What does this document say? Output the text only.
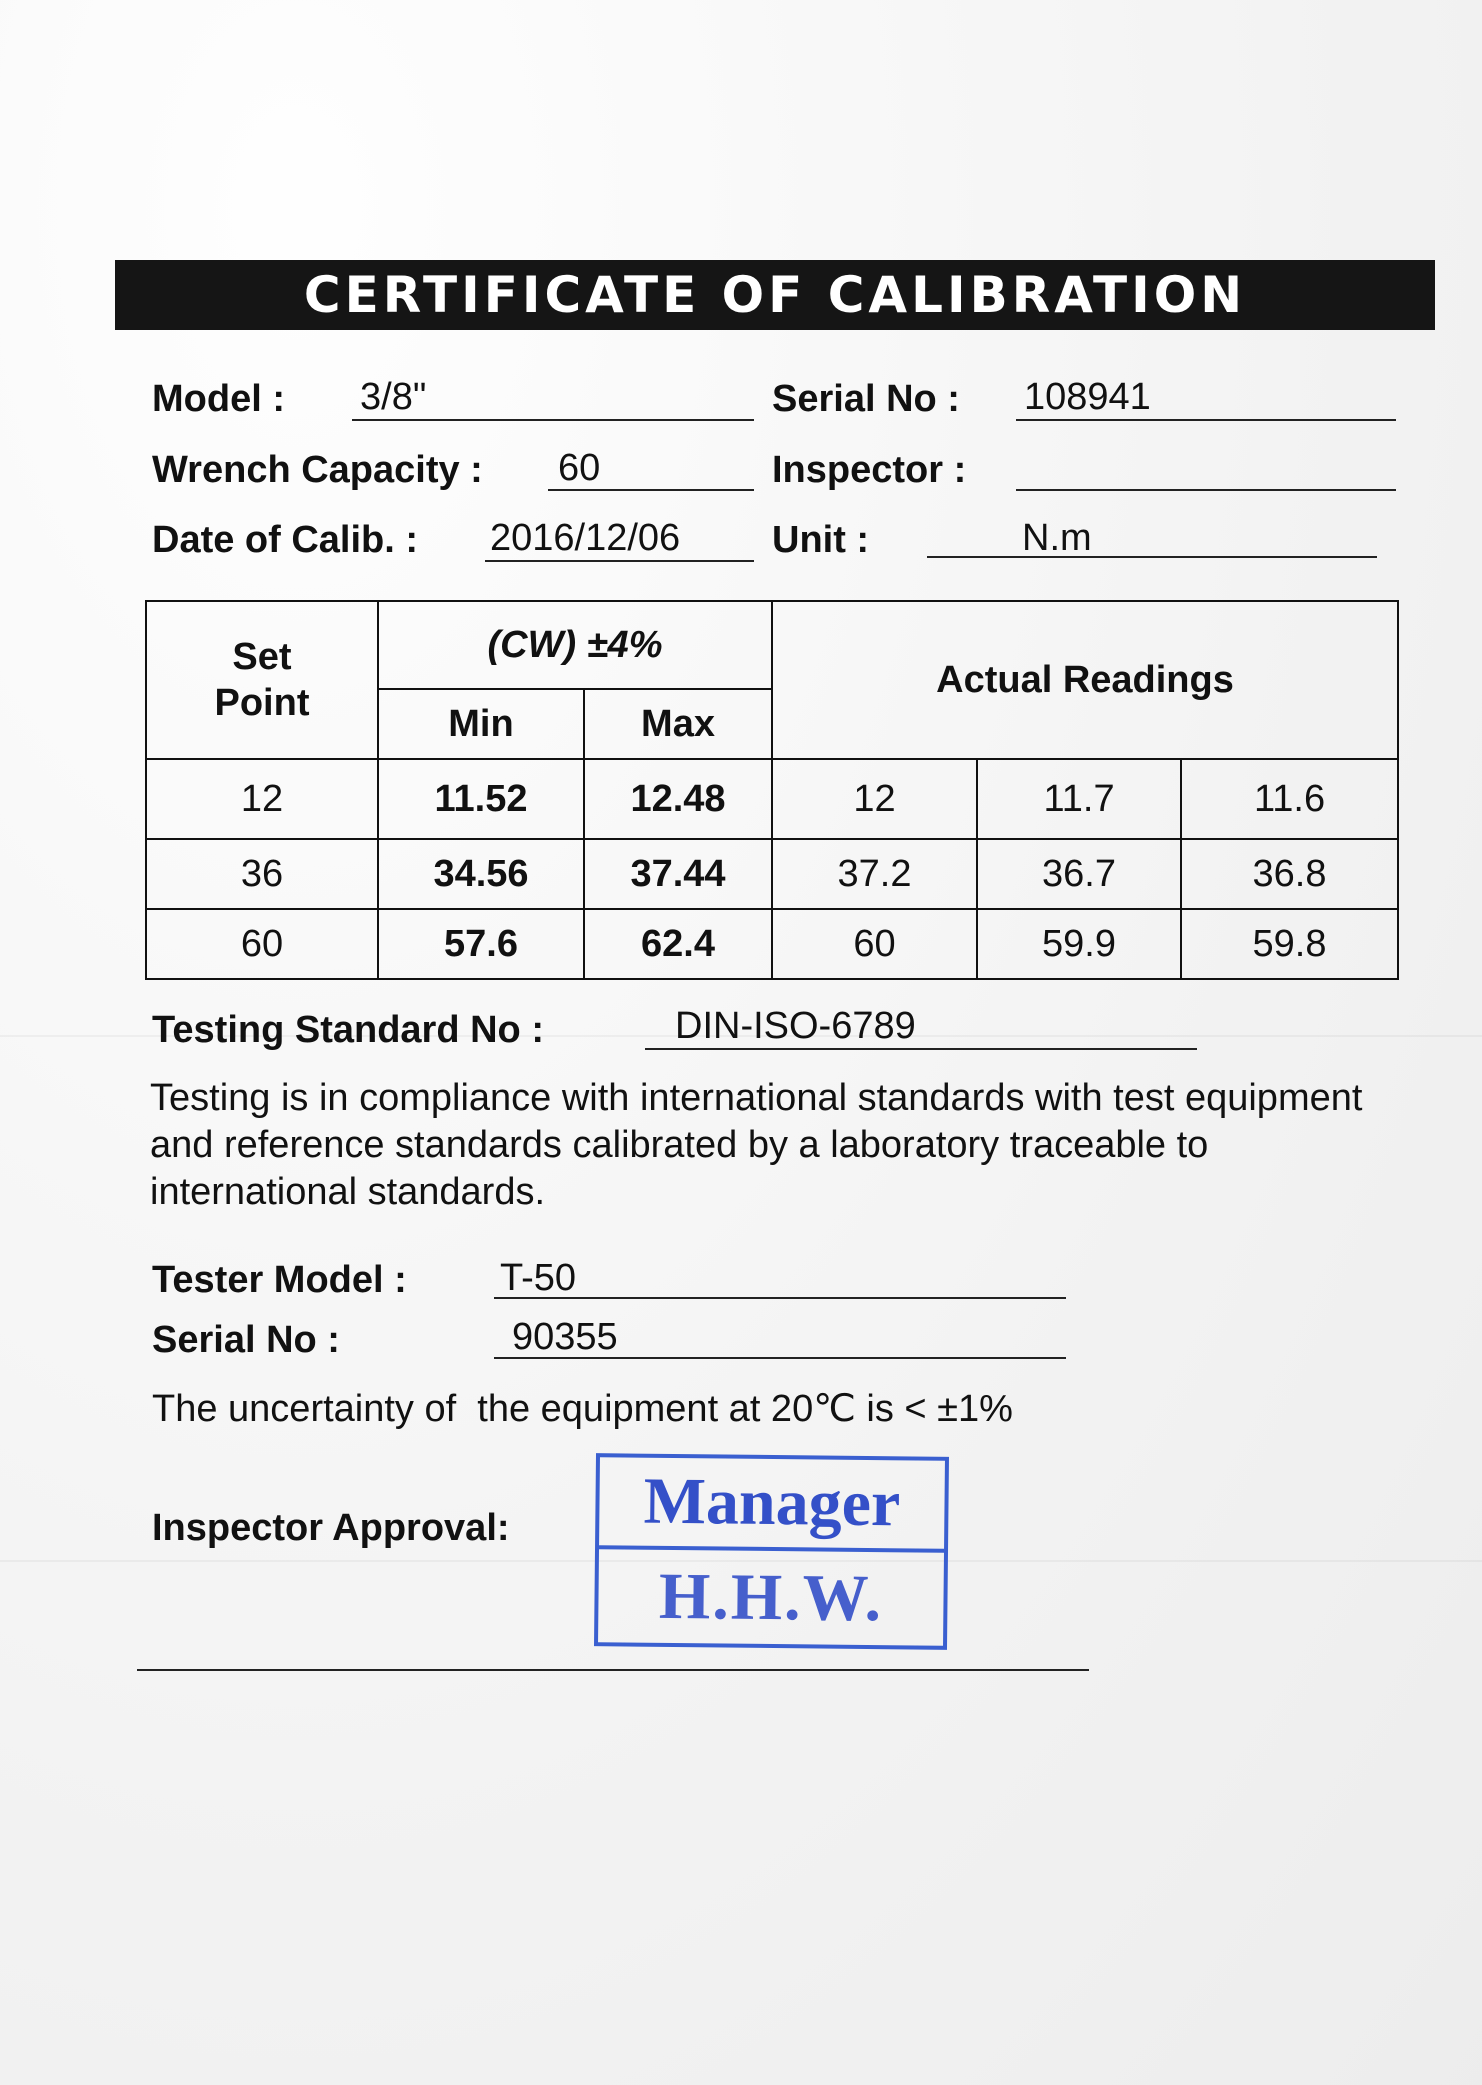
CERTIFICATE OF CALIBRATION
Model : 3/8"	Serial No : 108941
Wrench Capacity : 60	Inspector :
Date of Calib. : 2016/12/06 Unit :	N.m
Set Point	(CW) ±4%		Actual Readings		
	Min	Max			
12	11.52	12.48	12	11.7	11.6
36	34.56	37.44	37.2	36.7	36.8
60	57.6	62.4	60	59.9	59.8
Testing Standard No :	DIN-ISO-6789
Testing is in compliance with international standards with test equipment and reference standards calibrated by a laboratory traceable to international standards.
Tester Model : T-50
Serial No :	90355
The uncertainty of  the equipment at 20℃ is < ±1%
Inspector Approval:	Manager
H.H.W.
